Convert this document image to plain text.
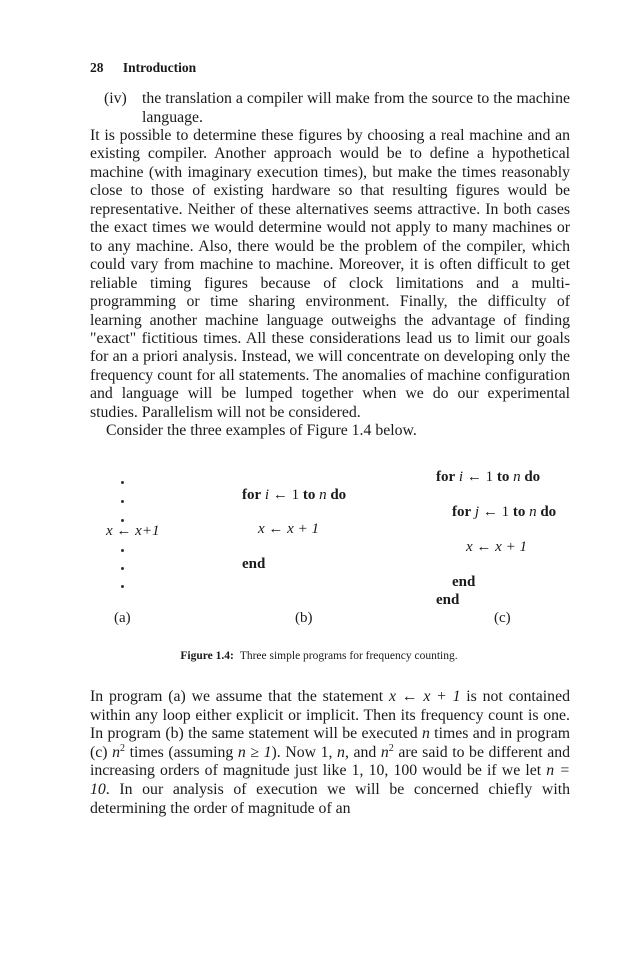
28 Introduction
(iv) the translation a compiler will make from the source to the machine language.

It is possible to determine these figures by choosing a real machine and an existing compiler. Another approach would be to define a hypothetical machine (with imaginary execution times), but make the times reasonably close to those of existing hardware so that resulting figures would be representative. Neither of these alternatives seems attractive. In both cases the exact times we would determine would not apply to many machines or to any machine. Also, there would be the problem of the compiler, which could vary from machine to machine. Moreover, it is often difficult to get reliable timing figures because of clock limitations and a multi-programming or time sharing environment. Finally, the difficulty of learning another machine language outweighs the advantage of finding "exact" fictitious times. All these considerations lead us to limit our goals for an a priori analysis. Instead, we will concentrate on developing only the frequency count for all statements. The anomalies of machine configuration and language will be lumped together when we do our experimental studies. Parallelism will not be considered.

Consider the three examples of Figure 1.4 below.

x ← x+1
(a)
for i ← 1 to n do
x ← x + 1
end
(b)
for i ← 1 to n do
for j ← 1 to n do
x ← x + 1
end
end
(c)
Figure 1.4: Three simple programs for frequency counting.

In program (a) we assume that the statement x ← x + 1 is not contained within any loop either explicit or implicit. Then its frequency count is one. In program (b) the same statement will be executed n times and in program (c) $n^2$ times (assuming n ≥ 1). Now 1, n, and $n^2$ are said to be different and increasing orders of magnitude just like 1, 10, 100 would be if we let n = 10. In our analysis of execution we will be concerned chiefly with determining the order of magnitude of an
